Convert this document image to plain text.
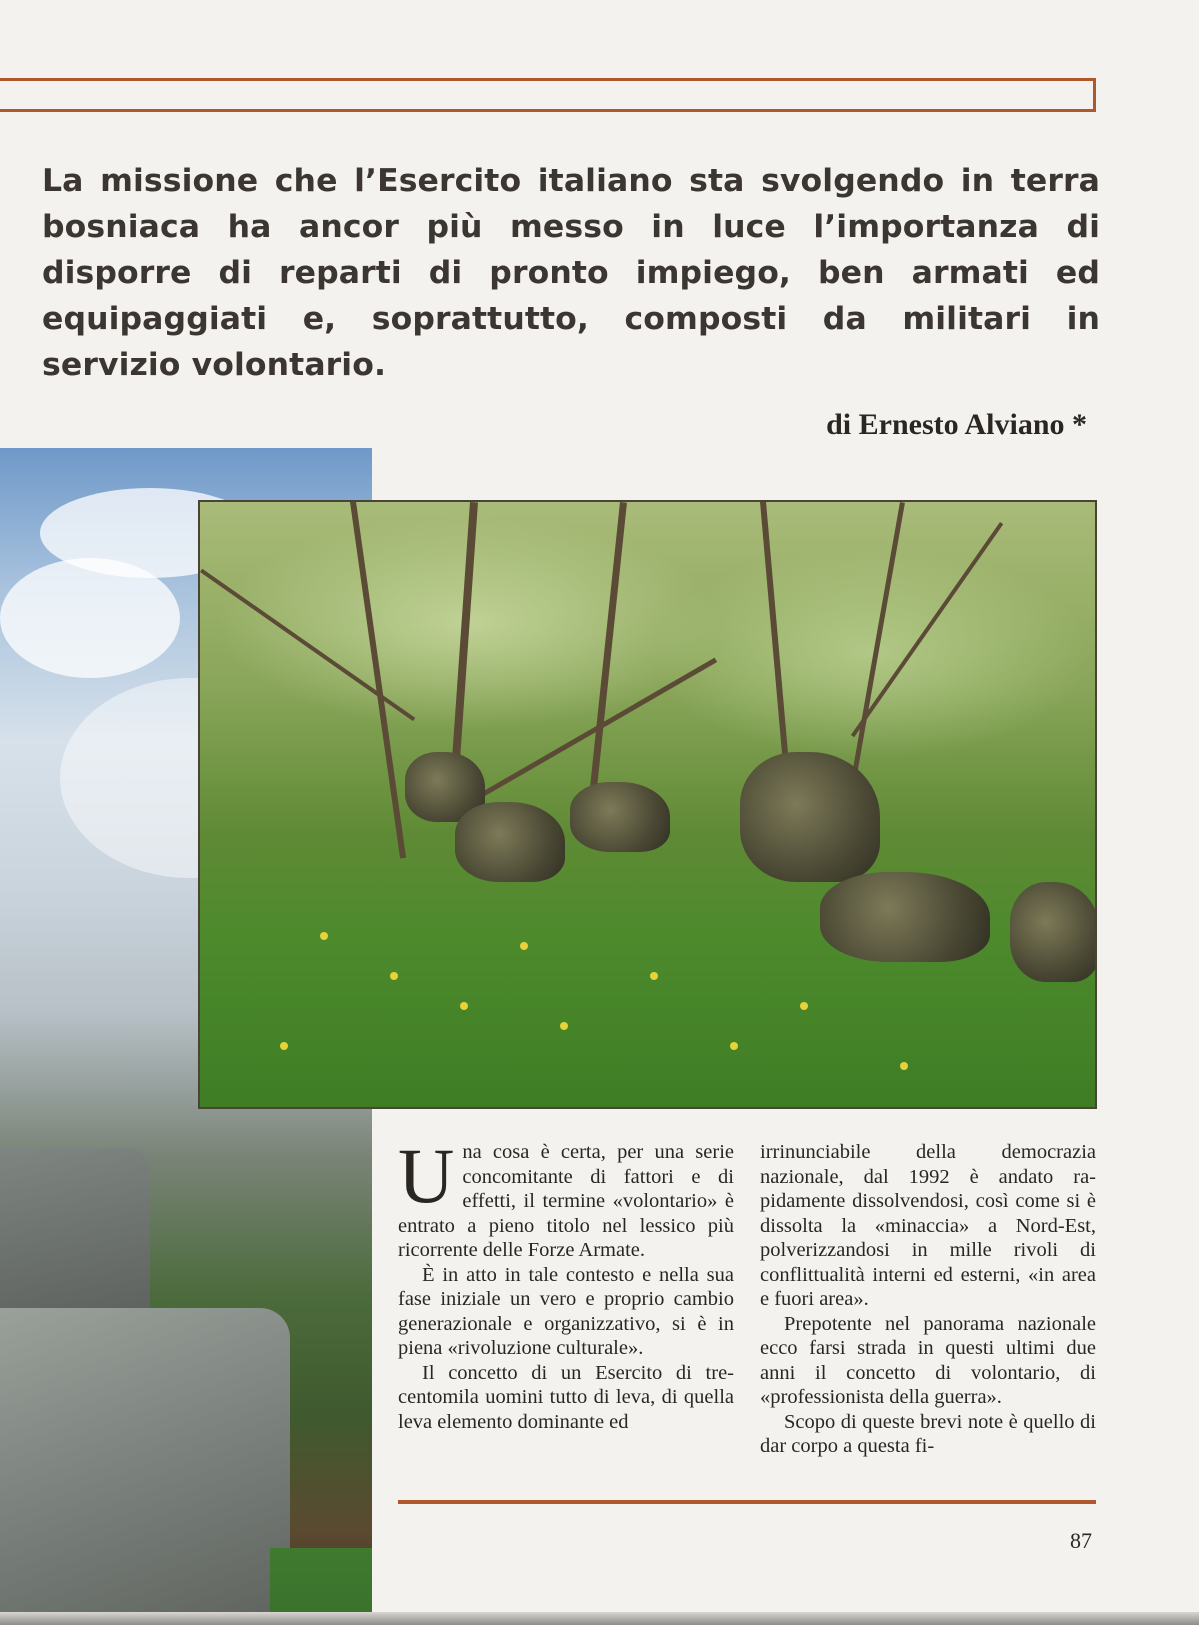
La missione che l’Esercito italiano sta svolgendo in terra bosniaca ha ancor più messo in luce l’importanza di disporre di reparti di pronto impiego, ben armati ed equipaggiati e, soprattutto, composti da militari in servizio volontario.
di Ernesto Alviano *

Una cosa è certa, per una serie concomitante di fattori e di effetti, il termine «volontario» è entrato a pieno titolo nel lessico più ricorrente delle Forze Armate.

È in atto in tale contesto e nella sua fase iniziale un vero e proprio cambio generazionale e organizzativo, si è in piena «rivoluzione culturale».

Il concetto di un Esercito di trecentomila uomini tutto di leva, di quella leva elemento dominante ed

irrinunciabile della democrazia nazionale, dal 1992 è andato rapidamente dissolvendosi, così come si è dissolta la «minaccia» a Nord-Est, polverizzandosi in mille rivoli di conflittualità interni ed esterni, «in area e fuori area».

Prepotente nel panorama nazionale ecco farsi strada in questi ultimi due anni il concetto di volontario, di «professionista della guerra».

Scopo di queste brevi note è quello di dar corpo a questa fi-

87
